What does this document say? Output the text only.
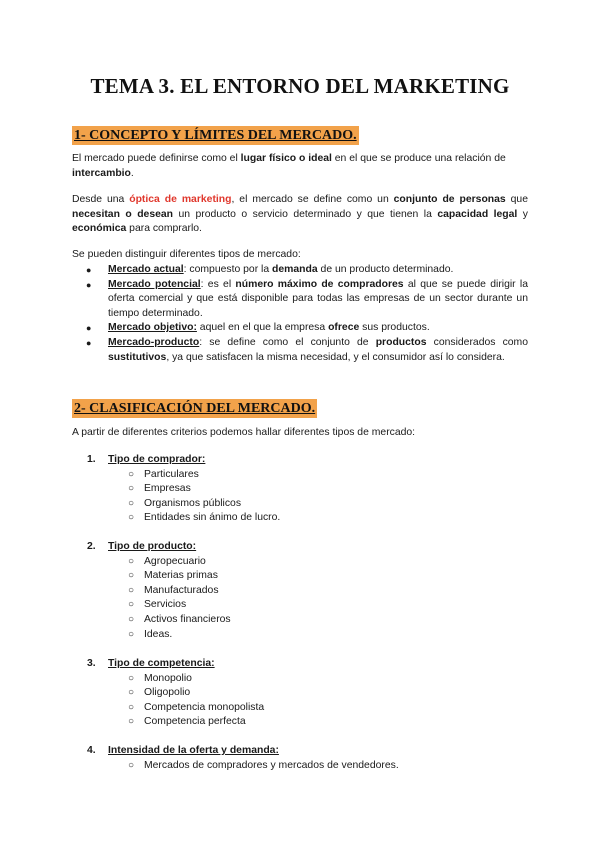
TEMA 3. EL ENTORNO DEL MARKETING
1- CONCEPTO Y LÍMITES DEL MERCADO.

El mercado puede definirse como el lugar físico o ideal en el que se produce una relación de intercambio.

Desde una óptica de marketing, el mercado se define como un conjunto de personas que necesitan o desean un producto o servicio determinado y que tienen la capacidad legal y económica para comprarlo.

Se pueden distinguir diferentes tipos de mercado:

● Mercado actual: compuesto por la demanda de un producto determinado.
● Mercado potencial: es el número máximo de compradores al que se puede dirigir la oferta comercial y que está disponible para todas las empresas de un sector durante un tiempo determinado.
● Mercado objetivo: aquel en el que la empresa ofrece sus productos.
● Mercado-producto: se define como el conjunto de productos considerados como sustitutivos, ya que satisfacen la misma necesidad, y el consumidor así lo considera.
2- CLASIFICACIÓN DEL MERCADO.

A partir de diferentes criterios podemos hallar diferentes tipos de mercado:

1. Tipo de comprador:
○ Particulares
○ Empresas
○ Organismos públicos
○ Entidades sin ánimo de lucro.
2. Tipo de producto:
○ Agropecuario
○ Materias primas
○ Manufacturados
○ Servicios
○ Activos financieros
○ Ideas.
3. Tipo de competencia:
○ Monopolio
○ Oligopolio
○ Competencia monopolista
○ Competencia perfecta
4. Intensidad de la oferta y demanda:
○ Mercados de compradores y mercados de vendedores.
